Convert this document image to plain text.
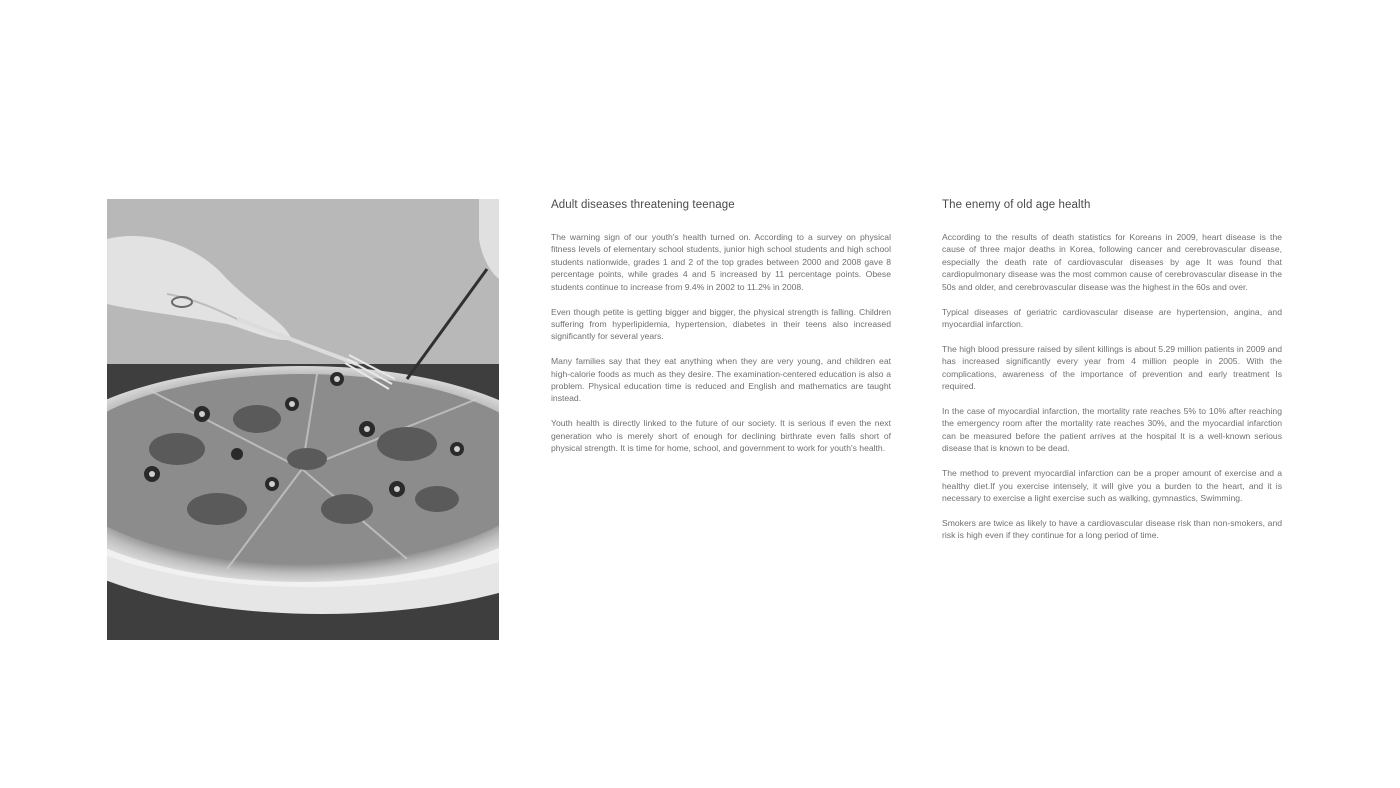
Adult diseases threatening teenage

The warning sign of our youth's health turned on. According to a survey on physical fitness levels of elementary school students, junior high school students and high school students nationwide, grades 1 and 2 of the top grades between 2000 and 2008 gave 8 percentage points, while grades 4 and 5 increased by 11 percentage points. Obese students continue to increase from 9.4% in 2002 to 11.2% in 2008.

Even though petite is getting bigger and bigger, the physical strength is falling. Children suffering from hyperlipidemia, hypertension, diabetes in their teens also increased significantly for several years.

Many families say that they eat anything when they are very young, and children eat high-calorie foods as much as they desire. The examination-centered education is also a problem. Physical education time is reduced and English and mathematics are taught instead.

Youth health is directly linked to the future of our society. It is serious if even the next generation who is merely short of enough for declining birthrate even falls short of physical strength. It is time for home, school, and government to work for youth's health.

The enemy of old age health

According to the results of death statistics for Koreans in 2009, heart disease is the cause of three major deaths in Korea, following cancer and cerebrovascular disease, especially the death rate of cardiovascular diseases by age It was found that cardiopulmonary disease was the most common cause of cerebrovascular disease in the 50s and older, and cerebrovascular disease was the highest in the 60s and over.

Typical diseases of geriatric cardiovascular disease are hypertension, angina, and myocardial infarction.

The high blood pressure raised by silent killings is about 5.29 million patients in 2009 and has increased significantly every year from 4 million people in 2005. With the complications, awareness of the importance of prevention and early treatment Is required.

In the case of myocardial infarction, the mortality rate reaches 5% to 10% after reaching the emergency room after the mortality rate reaches 30%, and the myocardial infarction can be measured before the patient arrives at the hospital It is a well-known serious disease that is known to be dead.

The method to prevent myocardial infarction can be a proper amount of exercise and a healthy diet.If you exercise intensely, it will give you a burden to the heart, and it is necessary to exercise a light exercise such as walking, gymnastics, Swimming.

Smokers are twice as likely to have a cardiovascular disease risk than non-smokers, and risk is high even if they continue for a long period of time.
